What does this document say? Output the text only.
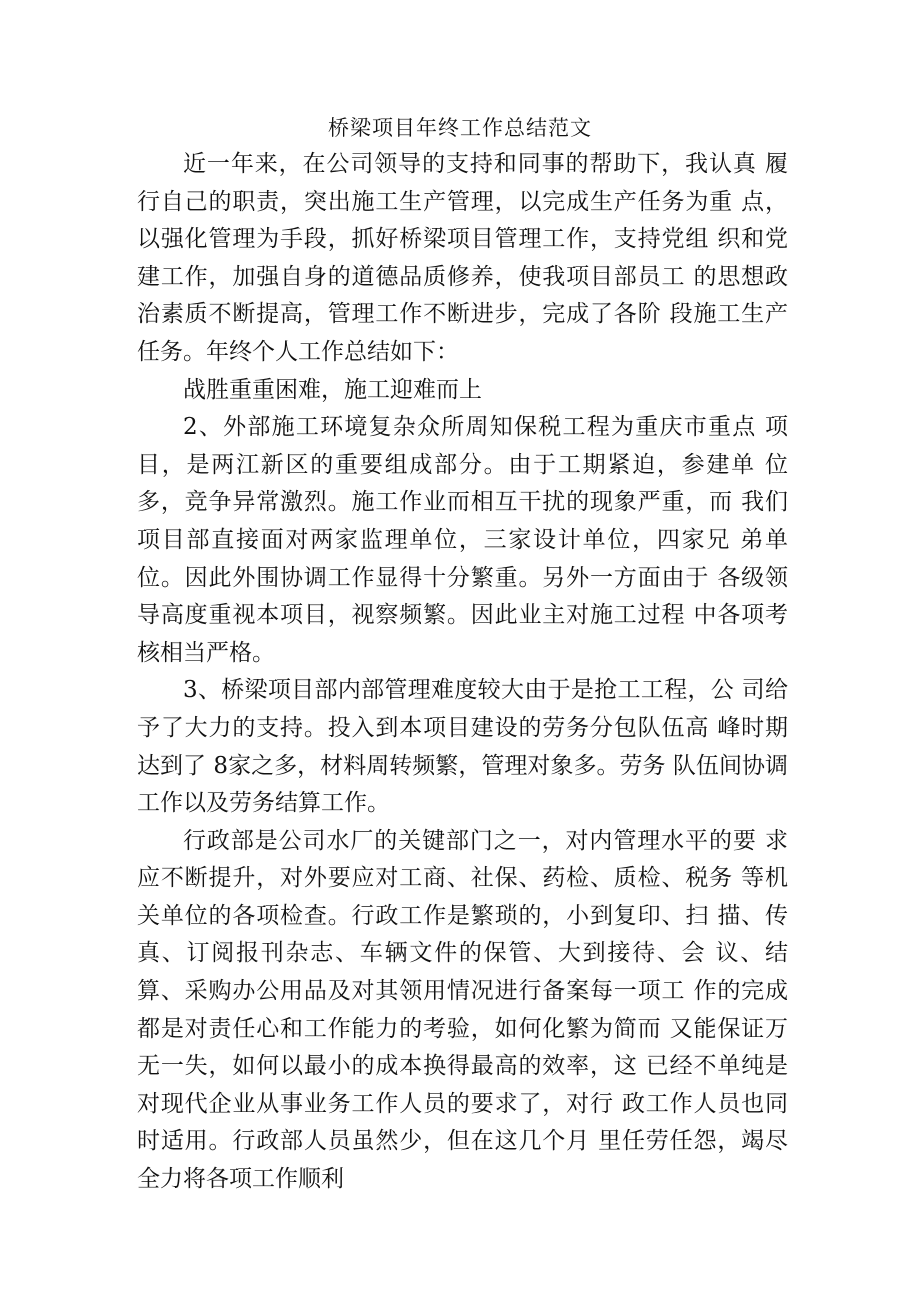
桥梁项目年终工作总结范文

近一年来，在公司领导的支持和同事的帮助下，我认真 履行自己的职责，突出施工生产管理，以完成生产任务为重 点，以强化管理为手段，抓好桥梁项目管理工作，支持党组 织和党建工作，加强自身的道德品质修养，使我项目部员工 的思想政治素质不断提高，管理工作不断进步，完成了各阶 段施工生产任务。年终个人工作总结如下：

战胜重重困难，施工迎难而上

2、外部施工环境复杂众所周知保税工程为重庆市重点 项目，是两江新区的重要组成部分。由于工期紧迫，参建单 位多，竞争异常激烈。施工作业而相互干扰的现象严重，而 我们项目部直接面对两家监理单位，三家设计单位，四家兄 弟单位。因此外围协调工作显得十分繁重。另外一方面由于 各级领导高度重视本项目，视察频繁。因此业主对施工过程 中各项考核相当严格。

3、桥梁项目部内部管理难度较大由于是抢工工程，公 司给予了大力的支持。投入到本项目建设的劳务分包队伍高 峰时期达到了 8家之多，材料周转频繁，管理对象多。劳务 队伍间协调工作以及劳务结算工作。

行政部是公司水厂的关键部门之一，对内管理水平的要 求应不断提升，对外要应对工商、社保、药检、质检、税务 等机关单位的各项检查。行政工作是繁琐的，小到复印、扫 描、传真、订阅报刊杂志、车辆文件的保管、大到接待、会 议、结算、采购办公用品及对其领用情况进行备案每一项工 作的完成都是对责任心和工作能力的考验，如何化繁为简而 又能保证万无一失，如何以最小的成本换得最高的效率，这 已经不单纯是对现代企业从事业务工作人员的要求了，对行 政工作人员也同时适用。行政部人员虽然少，但在这几个月 里任劳任怨，竭尽全力将各项工作顺利
